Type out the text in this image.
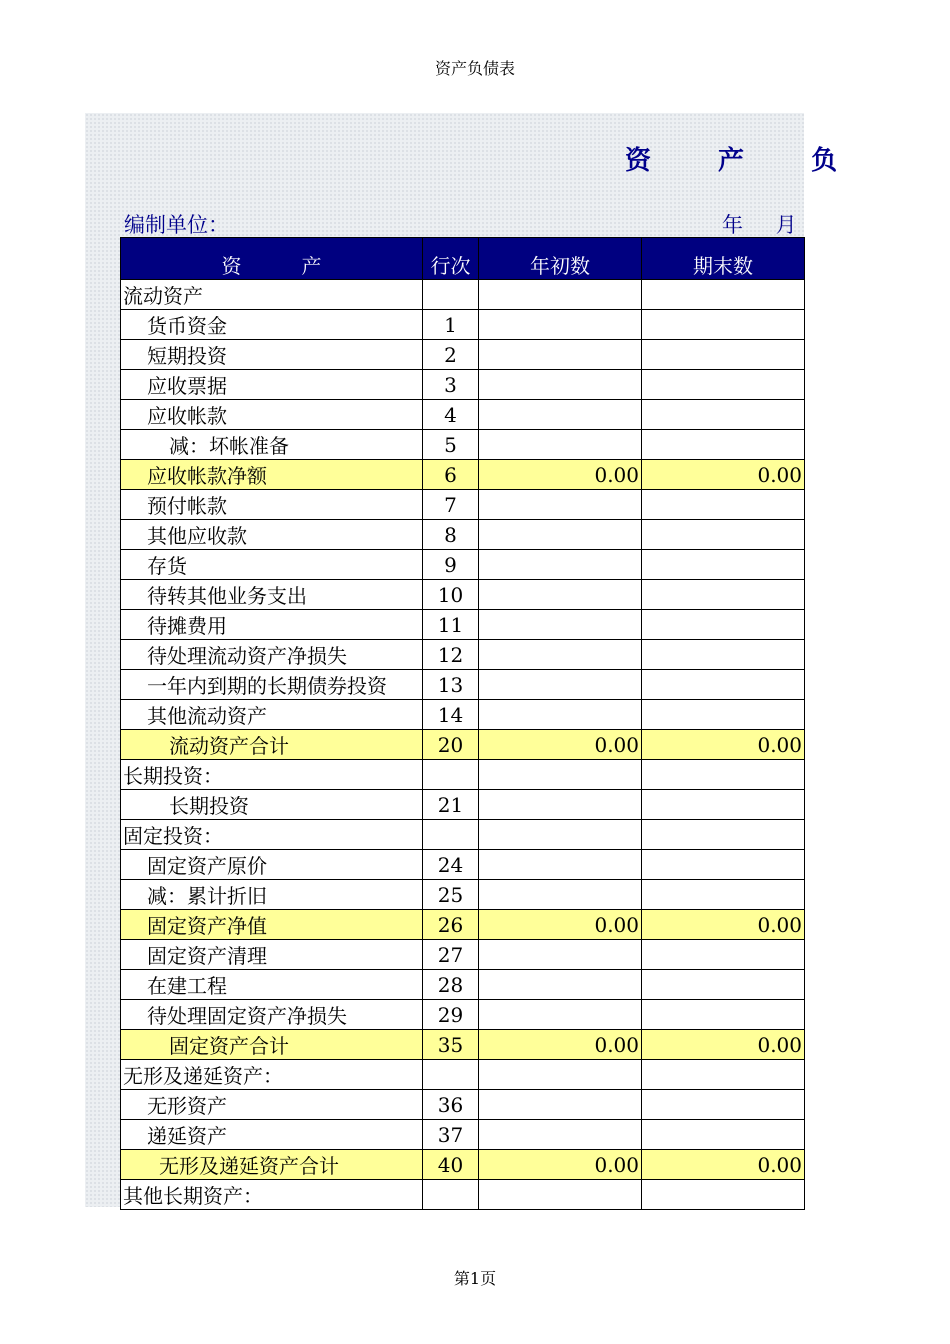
资产负债表
资 产 负
编制单位：	年 月
资　　　产	行次	年初数	期末数
流动资产			
货币资金	1		
短期投资	2		
应收票据	3		
应收帐款	4		
减：坏帐准备	5		
应收帐款净额	6	0.00	0.00
预付帐款	7		
其他应收款	8		
存货	9		
待转其他业务支出	10		
待摊费用	11		
待处理流动资产净损失	12		
一年内到期的长期债券投资	13		
其他流动资产	14		
流动资产合计	20	0.00	0.00
长期投资：			
长期投资	21		
固定投资：			
固定资产原价	24		
减：累计折旧	25		
固定资产净值	26	0.00	0.00
固定资产清理	27		
在建工程	28		
待处理固定资产净损失	29		
固定资产合计	35	0.00	0.00
无形及递延资产：			
无形资产	36		
递延资产	37		
无形及递延资产合计	40	0.00	0.00
其他长期资产：			
第1页
